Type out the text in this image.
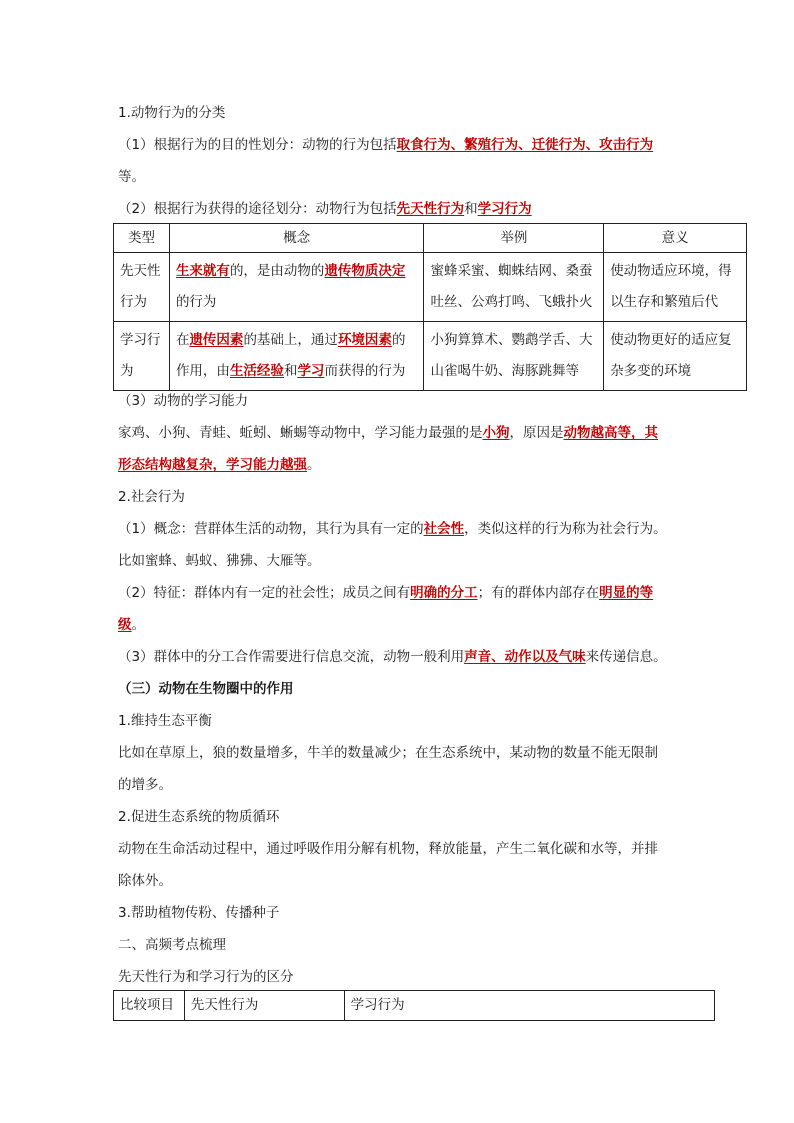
1.动物行为的分类
（1）根据行为的目的性划分：动物的行为包括取食行为、繁殖行为、迁徙行为、攻击行为
等。
（2）根据行为获得的途径划分：动物行为包括先天性行为和学习行为
类型	概念	举例	意义
先天性行为	生来就有的，是由动物的遗传物质决定的行为	蜜蜂采蜜、蜘蛛结网、桑蚕吐丝、公鸡打鸣、飞蛾扑火	使动物适应环境，得以生存和繁殖后代
学习行为	在遗传因素的基础上，通过环境因素的作用，由生活经验和学习而获得的行为	小狗算算术、鹦鹉学舌、大山雀喝牛奶、海豚跳舞等	使动物更好的适应复杂多变的环境
（3）动物的学习能力
家鸡、小狗、青蛙、蚯蚓、蜥蜴等动物中，学习能力最强的是小狗，原因是动物越高等，其
形态结构越复杂，学习能力越强。
2.社会行为
（1）概念：营群体生活的动物，其行为具有一定的社会性，类似这样的行为称为社会行为。
比如蜜蜂、蚂蚁、狒狒、大雁等。
（2）特征：群体内有一定的社会性；成员之间有明确的分工；有的群体内部存在明显的等
级。
（3）群体中的分工合作需要进行信息交流，动物一般利用声音、动作以及气味来传递信息。
（三）动物在生物圈中的作用
1.维持生态平衡
比如在草原上，狼的数量增多，牛羊的数量减少；在生态系统中，某动物的数量不能无限制
的增多。
2.促进生态系统的物质循环
动物在生命活动过程中，通过呼吸作用分解有机物，释放能量，产生二氧化碳和水等，并排
除体外。
3.帮助植物传粉、传播种子
二、高频考点梳理
先天性行为和学习行为的区分
比较项目	先天性行为	学习行为
